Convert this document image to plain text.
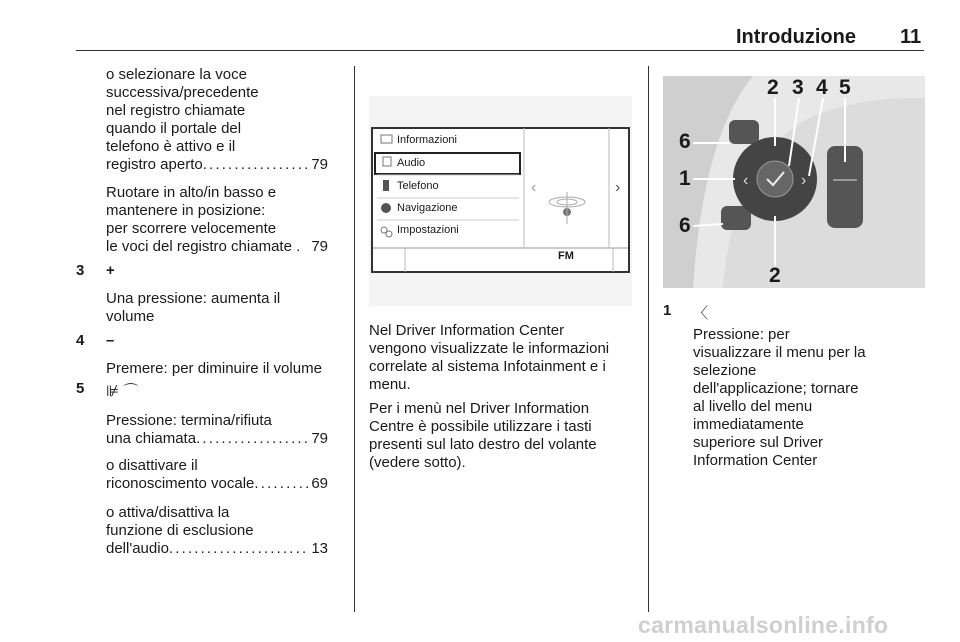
Introduzione 11
o selezionare la voce
successiva/precedente
nel registro chiamate
quando il portale del
telefono è attivo e il
registro aperto . . .	79
Ruotare in alto/in basso e
mantenere in posizione:
per scorrere velocemente
le voci del registro chiamate . 79
3 +
Una pressione: aumenta il
volume
4 –
Premere: per diminuire il volume
5 ⊯ ⌒
Pressione: termina/rifiuta
una chiamata . . .	79
o disattivare il
riconoscimento vocale . . .	69
o attiva/disattiva la
funzione di esclusione
dell'audio . . .	13
‹	›
Informazioni
Audio
Telefono
Navigazione
Impostazioni
FM
Nel Driver Information Center
vengono visualizzate le informazioni
correlate al sistema Infotainment e i
menu.
Per i menù nel Driver Information
Centre è possibile utilizzare i tasti
presenti sul lato destro del volante
(vedere sotto).
‹	›
2 3 4 5
6
1
6
2
1 〈
Pressione: per
visualizzare il menu per la
selezione
dell'applicazione; tornare
al livello del menu
immediatamente
superiore sul Driver
Information Center
carmanualsonline.info
